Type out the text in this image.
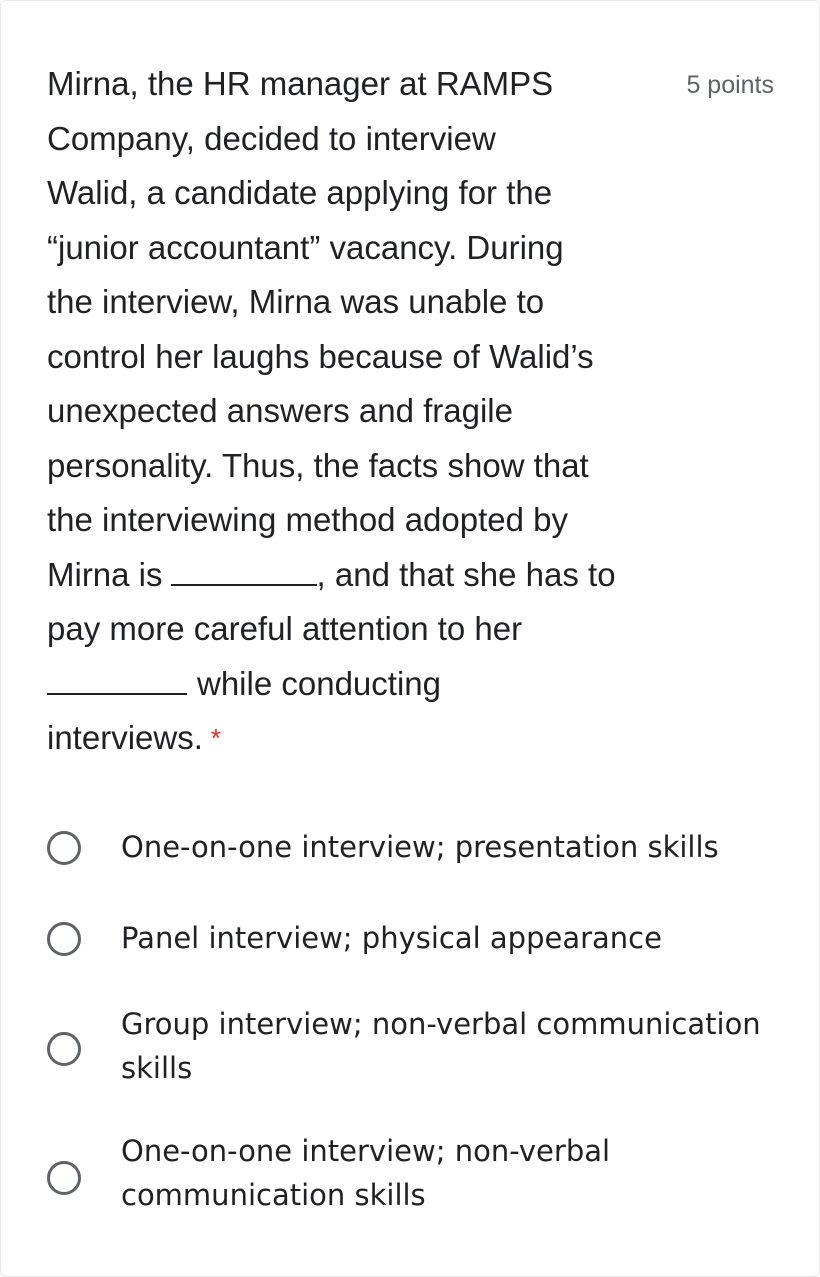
Mirna, the HR manager at RAMPS
Company, decided to interview
Walid, a candidate applying for the
“junior accountant” vacancy. During
the interview, Mirna was unable to
control her laughs because of Walid’s
unexpected answers and fragile
personality. Thus, the facts show that
the interviewing method adopted by
Mirna is	, and that she has to
pay more careful attention to her
while conducting
interviews. *
5 points
One-on-one interview; presentation skills
Panel interview; physical appearance
Group interview; non-verbal communication
skills
One-on-one interview; non-verbal
communication skills
